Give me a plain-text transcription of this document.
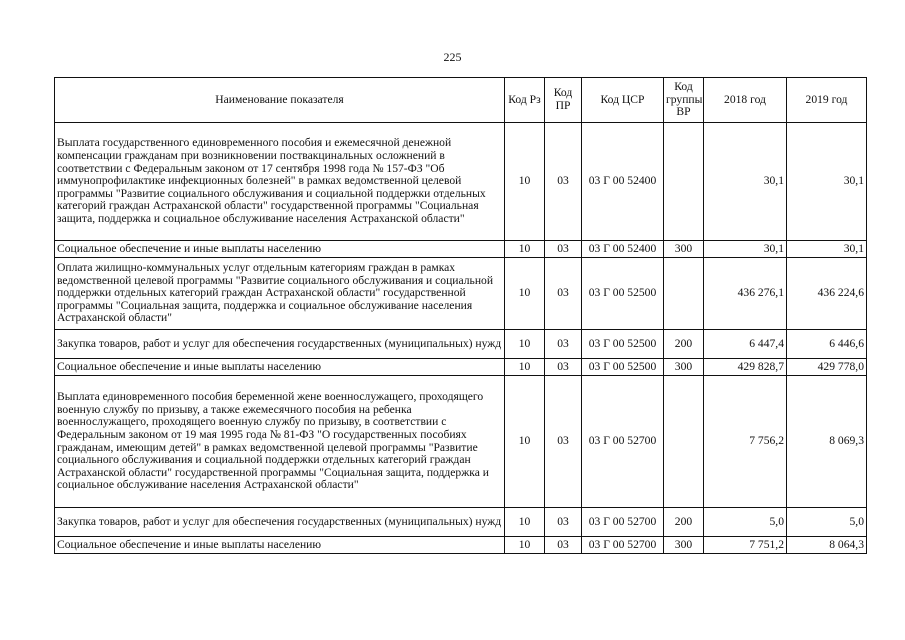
225
Наименование показателя	Код Рз	Код ПР	Код ЦСР	Код группы ВР	2018 год	2019 год
Выплата государственного единовременного пособия и ежемесячной денежной компенсации гражданам при возникновении поствакцинальных осложнений в соответствии с Федеральным законом от 17 сентября 1998 года № 157-ФЗ "Об иммунопрофилактике инфекционных болезней" в рамках ведомственной целевой программы "Развитие социального обслуживания и социальной поддержки отдельных категорий граждан Астраханской области" государственной программы "Социальная защита, поддержка и социальное обслуживание населения Астраханской области"	10	03	03 Г 00 52400		30,1	30,1
Социальное обеспечение и иные выплаты населению	10	03	03 Г 00 52400	300	30,1	30,1
Оплата жилищно-коммунальных услуг отдельным категориям граждан в рамках ведомственной целевой программы "Развитие социального обслуживания и социальной поддержки отдельных категорий граждан Астраханской области" государственной программы "Социальная защита, поддержка и социальное обслуживание населения Астраханской области"	10	03	03 Г 00 52500		436 276,1	436 224,6
Закупка товаров, работ и услуг для обеспечения государственных (муниципальных) нужд	10	03	03 Г 00 52500	200	6 447,4	6 446,6
Социальное обеспечение и иные выплаты населению	10	03	03 Г 00 52500	300	429 828,7	429 778,0
Выплата единовременного пособия беременной жене военнослужащего, проходящего военную службу по призыву, а также ежемесячного пособия на ребенка военнослужащего, проходящего военную службу по призыву, в соответствии с Федеральным законом от 19 мая 1995 года № 81-ФЗ "О государственных пособиях гражданам, имеющим детей" в рамках ведомственной целевой программы "Развитие социального обслуживания и социальной поддержки отдельных категорий граждан Астраханской области" государственной программы "Социальная защита, поддержка и социальное обслуживание населения Астраханской области"	10	03	03 Г 00 52700		7 756,2	8 069,3
Закупка товаров, работ и услуг для обеспечения государственных (муниципальных) нужд	10	03	03 Г 00 52700	200	5,0	5,0
Социальное обеспечение и иные выплаты населению	10	03	03 Г 00 52700	300	7 751,2	8 064,3
